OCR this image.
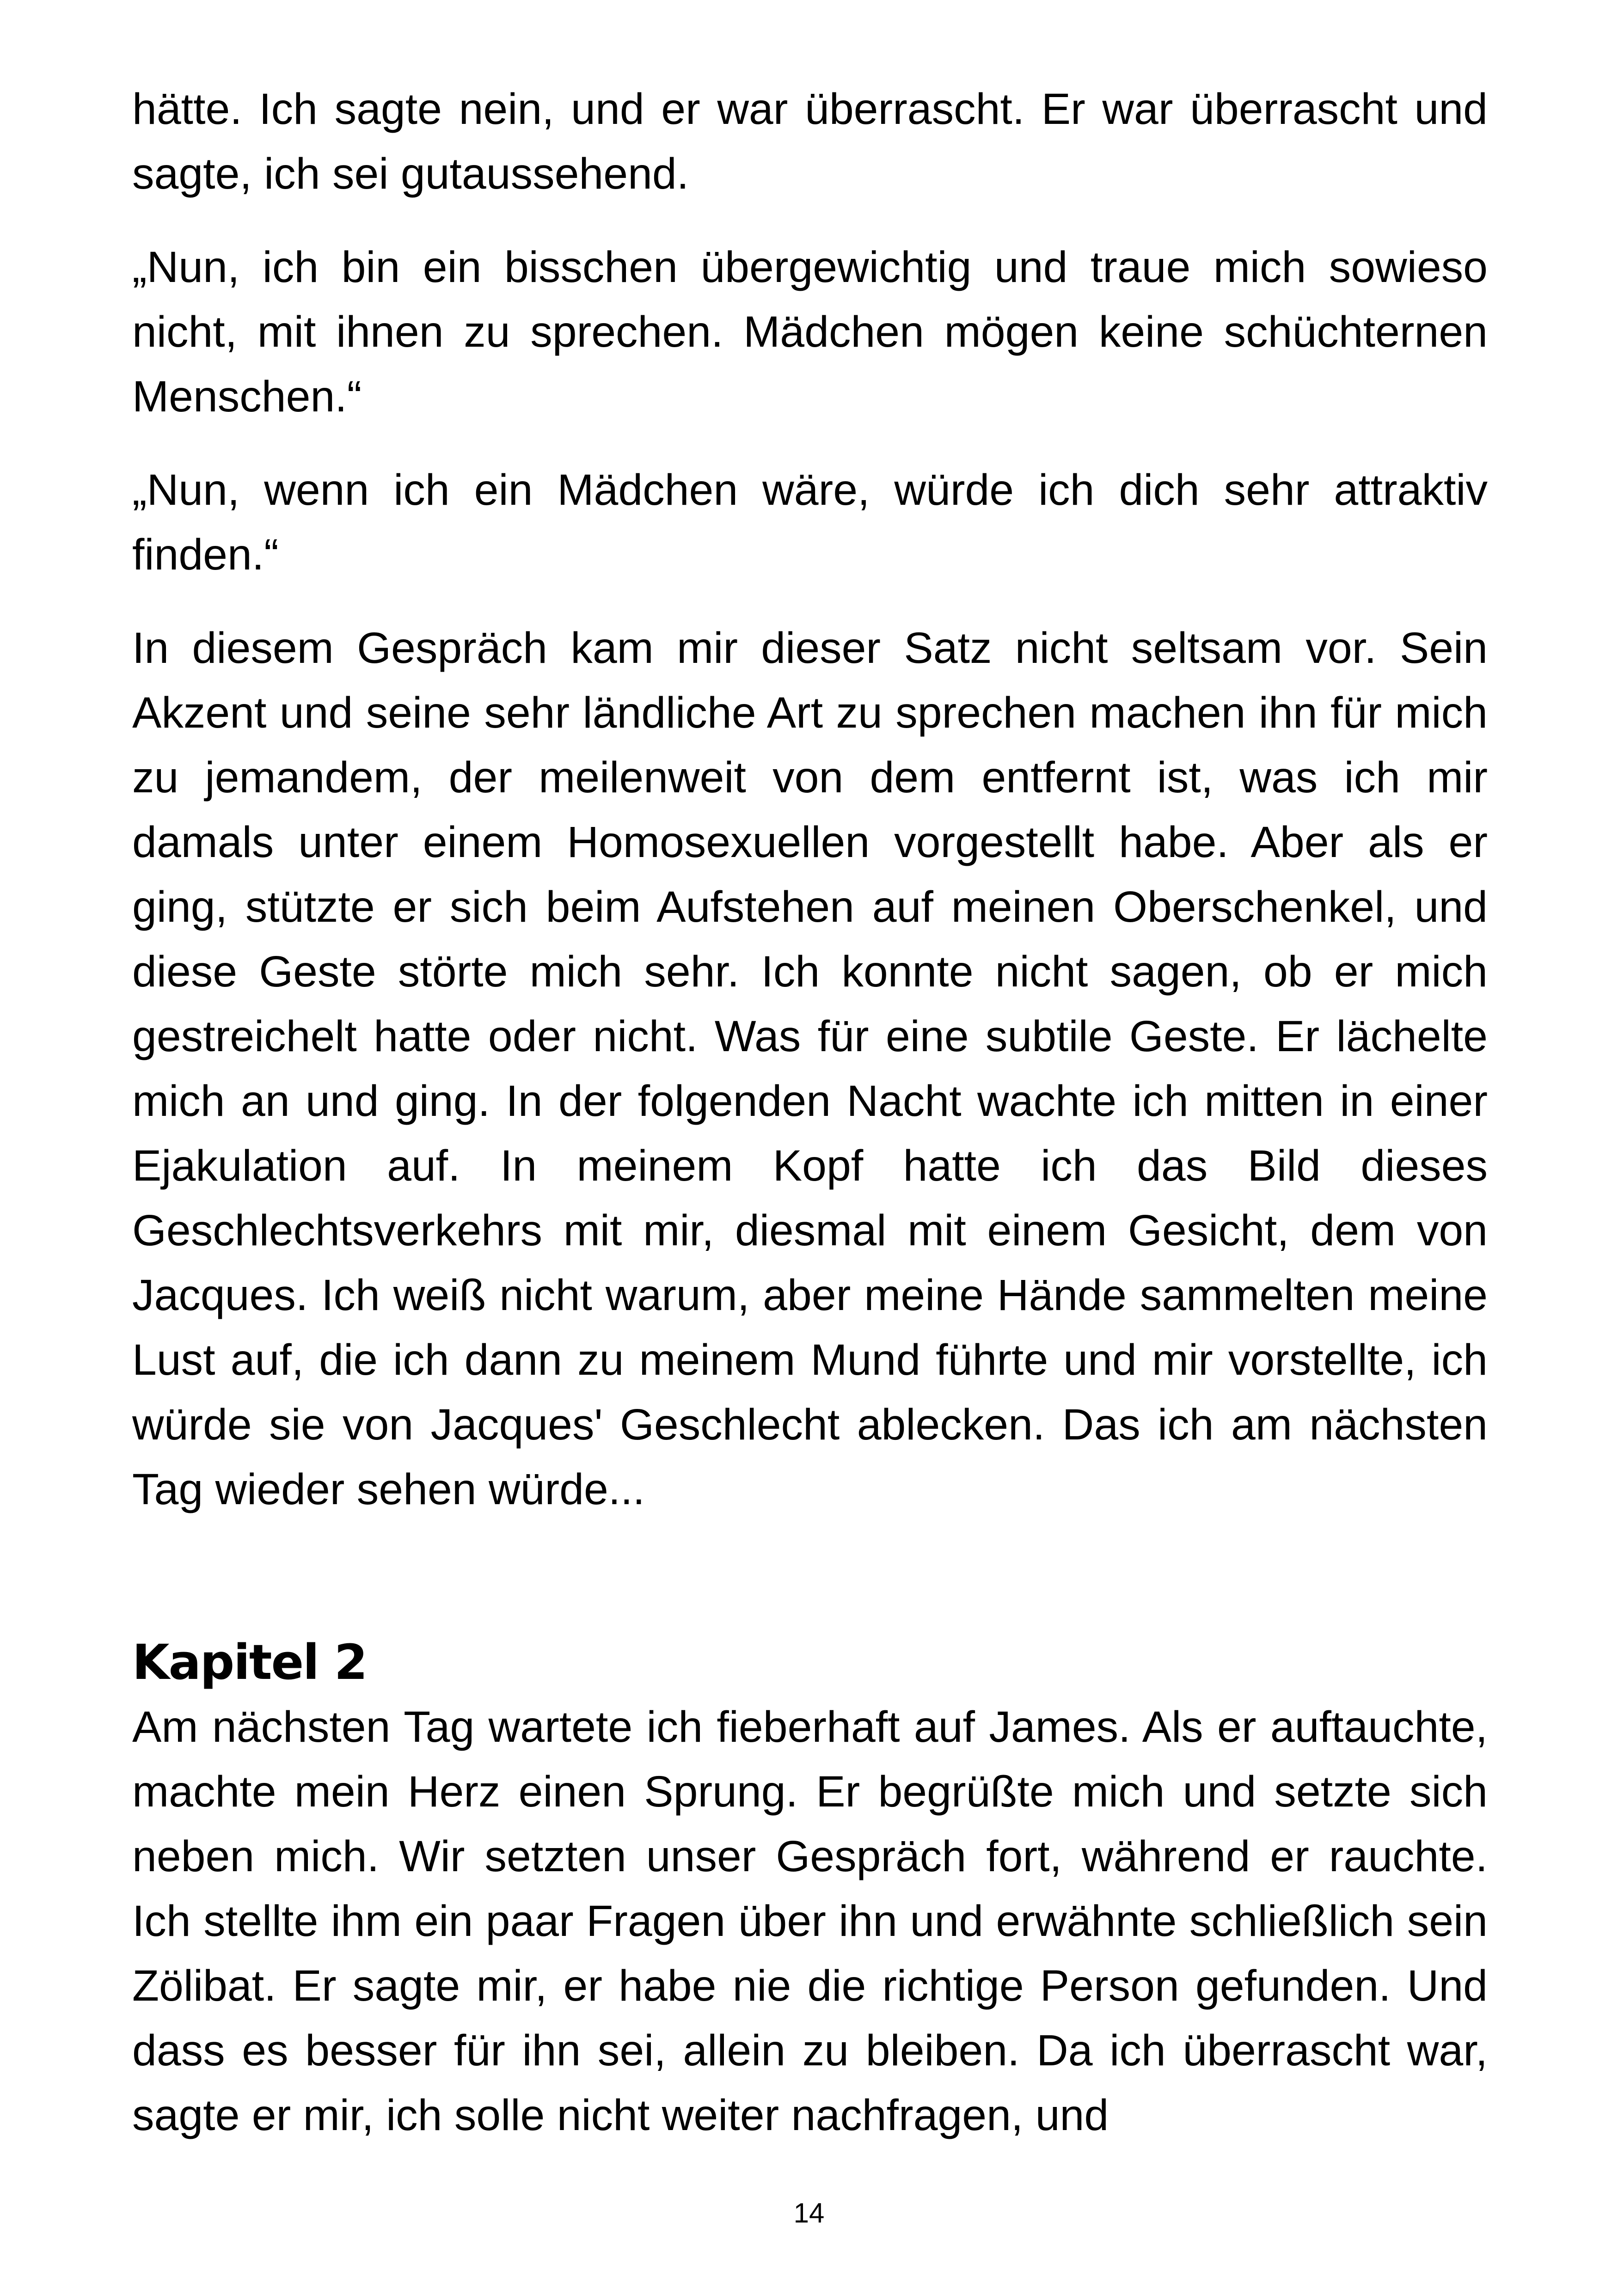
hätte. Ich sagte nein, und er war überrascht. Er war überrascht und sagte, ich sei gutaussehend.

„Nun, ich bin ein bisschen übergewichtig und traue mich sowieso nicht, mit ihnen zu sprechen. Mädchen mögen keine schüchternen Menschen.“

„Nun, wenn ich ein Mädchen wäre, würde ich dich sehr attraktiv finden.“

In diesem Gespräch kam mir dieser Satz nicht seltsam vor. Sein Akzent und seine sehr ländliche Art zu sprechen machen ihn für mich zu jemandem, der meilenweit von dem entfernt ist, was ich mir damals unter einem Homosexuellen vorgestellt habe. Aber als er ging, stützte er sich beim Aufstehen auf meinen Oberschenkel, und diese Geste störte mich sehr. Ich konnte nicht sagen, ob er mich gestreichelt hatte oder nicht. Was für eine subtile Geste. Er lächelte mich an und ging. In der folgenden Nacht wachte ich mitten in einer Ejakulation auf. In meinem Kopf hatte ich das Bild dieses Geschlechtsverkehrs mit mir, diesmal mit einem Gesicht, dem von Jacques. Ich weiß nicht warum, aber meine Hände sammelten meine Lust auf, die ich dann zu meinem Mund führte und mir vorstellte, ich würde sie von Jacques' Geschlecht ablecken. Das ich am nächsten Tag wieder sehen würde...

Kapitel 2

Am nächsten Tag wartete ich fieberhaft auf James. Als er auftauchte, machte mein Herz einen Sprung. Er begrüßte mich und setzte sich neben mich. Wir setzten unser Gespräch fort, während er rauchte. Ich stellte ihm ein paar Fragen über ihn und erwähnte schließlich sein Zölibat. Er sagte mir, er habe nie die richtige Person gefunden. Und dass es besser für ihn sei, allein zu bleiben. Da ich überrascht war, sagte er mir, ich solle nicht weiter nachfragen, und

14
